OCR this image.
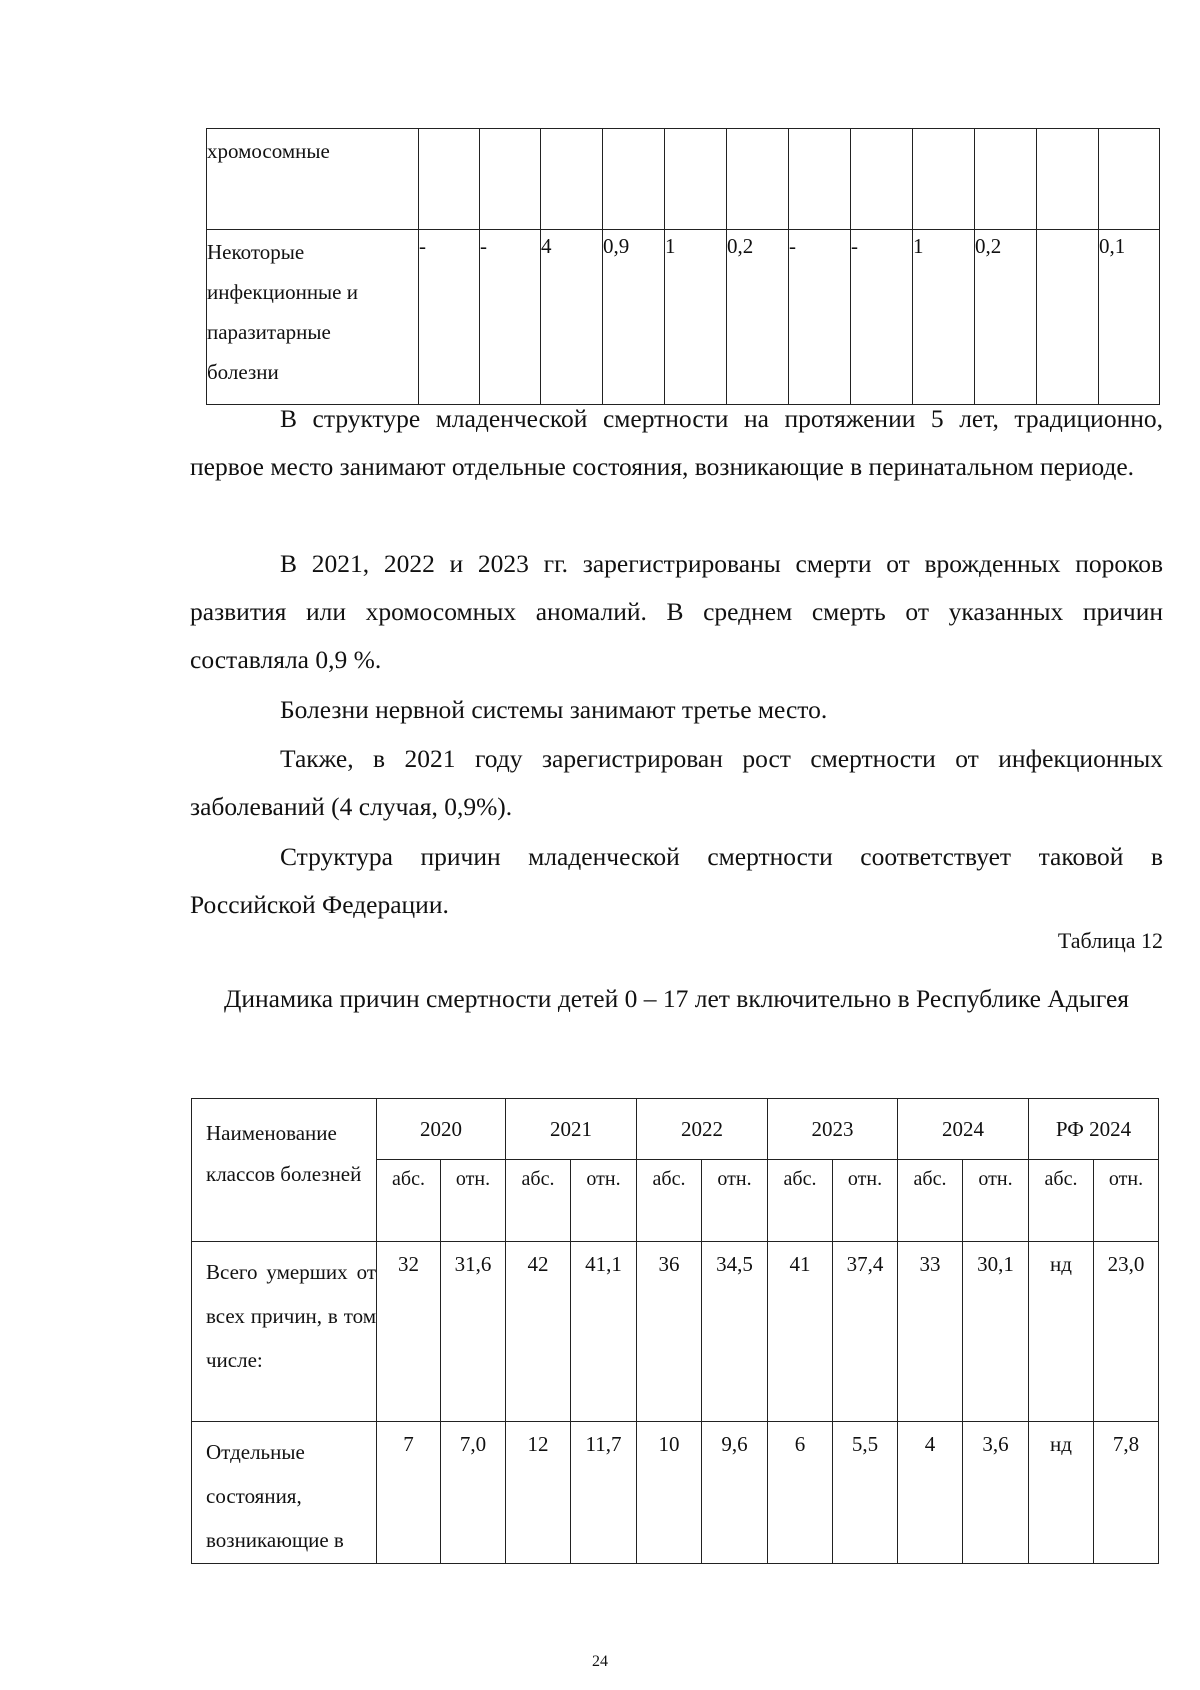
хромосомные												

Некоторые
инфекционные и
паразитарные
болезни	-	-	4	0,9	1	0,2	-	-	1	0,2		0,1

В структуре младенческой смертности на протяжении 5 лет, традиционно, первое место занимают отдельные состояния, возникающие в перинатальном периоде.

В 2021, 2022 и 2023 гг. зарегистрированы смерти от врожденных пороков развития или хромосомных аномалий. В среднем смерть от указанных причин составляла 0,9 %.

Болезни нервной системы занимают третье место.

Также, в 2021 году зарегистрирован рост смертности от инфекционных заболеваний (4 случая, 0,9%).

Структура причин младенческой смертности соответствует таковой в Российской Федерации.

Таблица 12

Динамика причин смертности детей 0 – 17 лет включительно в Республике Адыгея

Наименование классов болезней	2020		2021		2022		2023		2024		РФ 2024	
	абс.	отн.	абс.	отн.	абс.	отн.	абс.	отн.	абс.	отн.	абс.	отн.
Всего умерших от всех причин, в том числе:	32	31,6	42	41,1	36	34,5	41	37,4	33	30,1	нд	23,0
Отдельные состояния, возникающие в	7	7,0	12	11,7	10	9,6	6	5,5	4	3,6	нд	7,8

24
